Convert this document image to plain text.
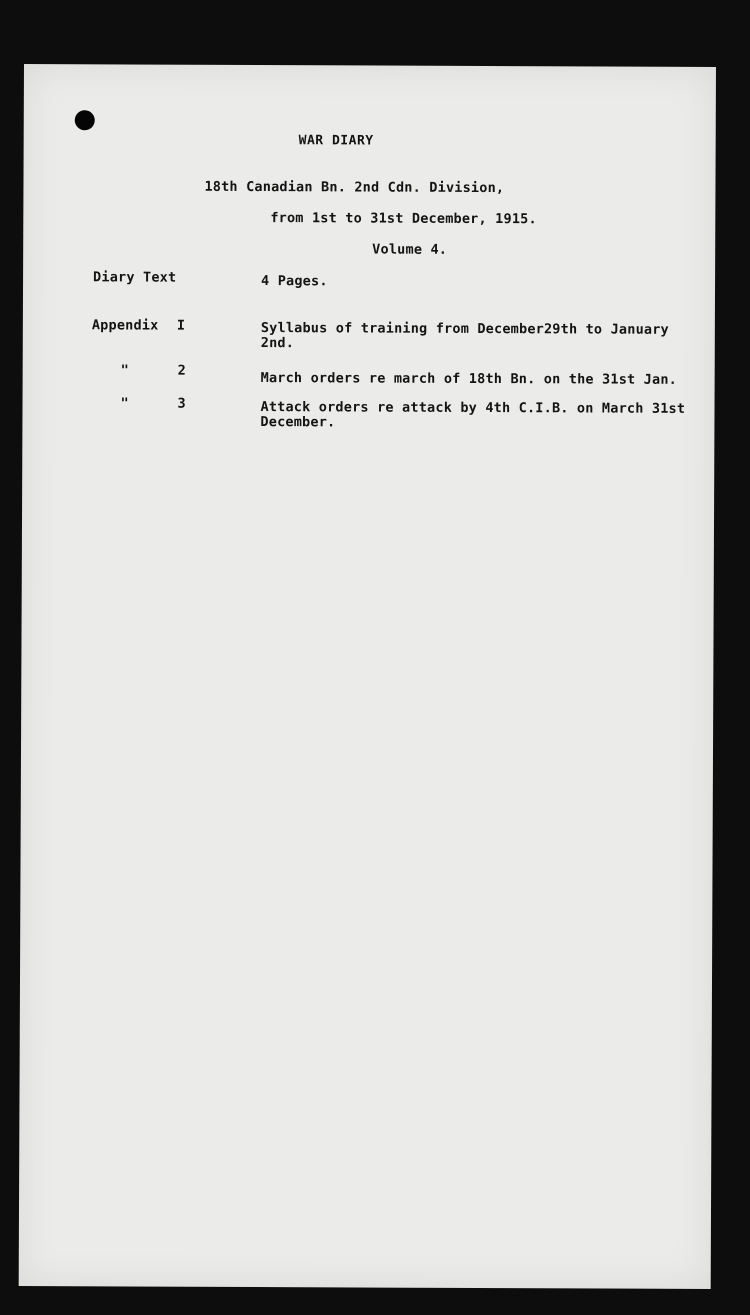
WAR DIARY
18th Canadian Bn. 2nd Cdn. Division,
from 1st to 31st December, 1915.
Volume 4.
Diary Text	4 Pages.
Appendix I	Syllabus of training from December29th to January
2nd.
"	2	March orders re march of 18th Bn. on the 31st Jan.
"	3	Attack orders re attack by 4th C.I.B. on March 31st
December.
